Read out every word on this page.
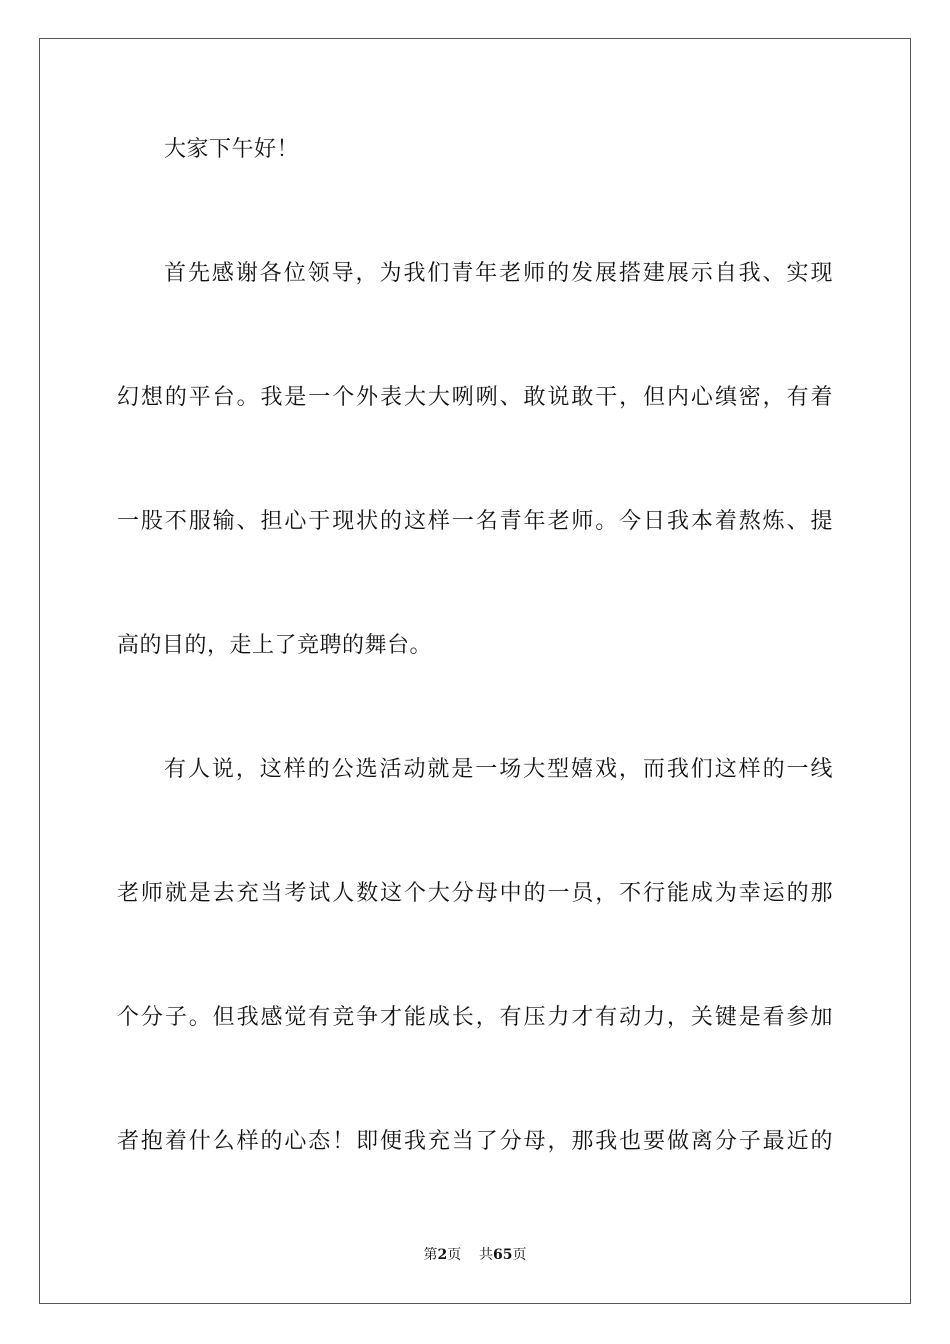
大家下午好！
首先感谢各位领导，为我们青年老师的发展搭建展示自我、实现
幻想的平台。我是一个外表大大咧咧、敢说敢干，但内心缜密，有着
一股不服输、担心于现状的这样一名青年老师。今日我本着熬炼、提
高的目的，走上了竞聘的舞台。
有人说，这样的公选活动就是一场大型嬉戏，而我们这样的一线
老师就是去充当考试人数这个大分母中的一员，不行能成为幸运的那
个分子。但我感觉有竞争才能成长，有压力才有动力，关键是看参加
者抱着什么样的心态！即便我充当了分母，那我也要做离分子最近的
第2页 共65页
